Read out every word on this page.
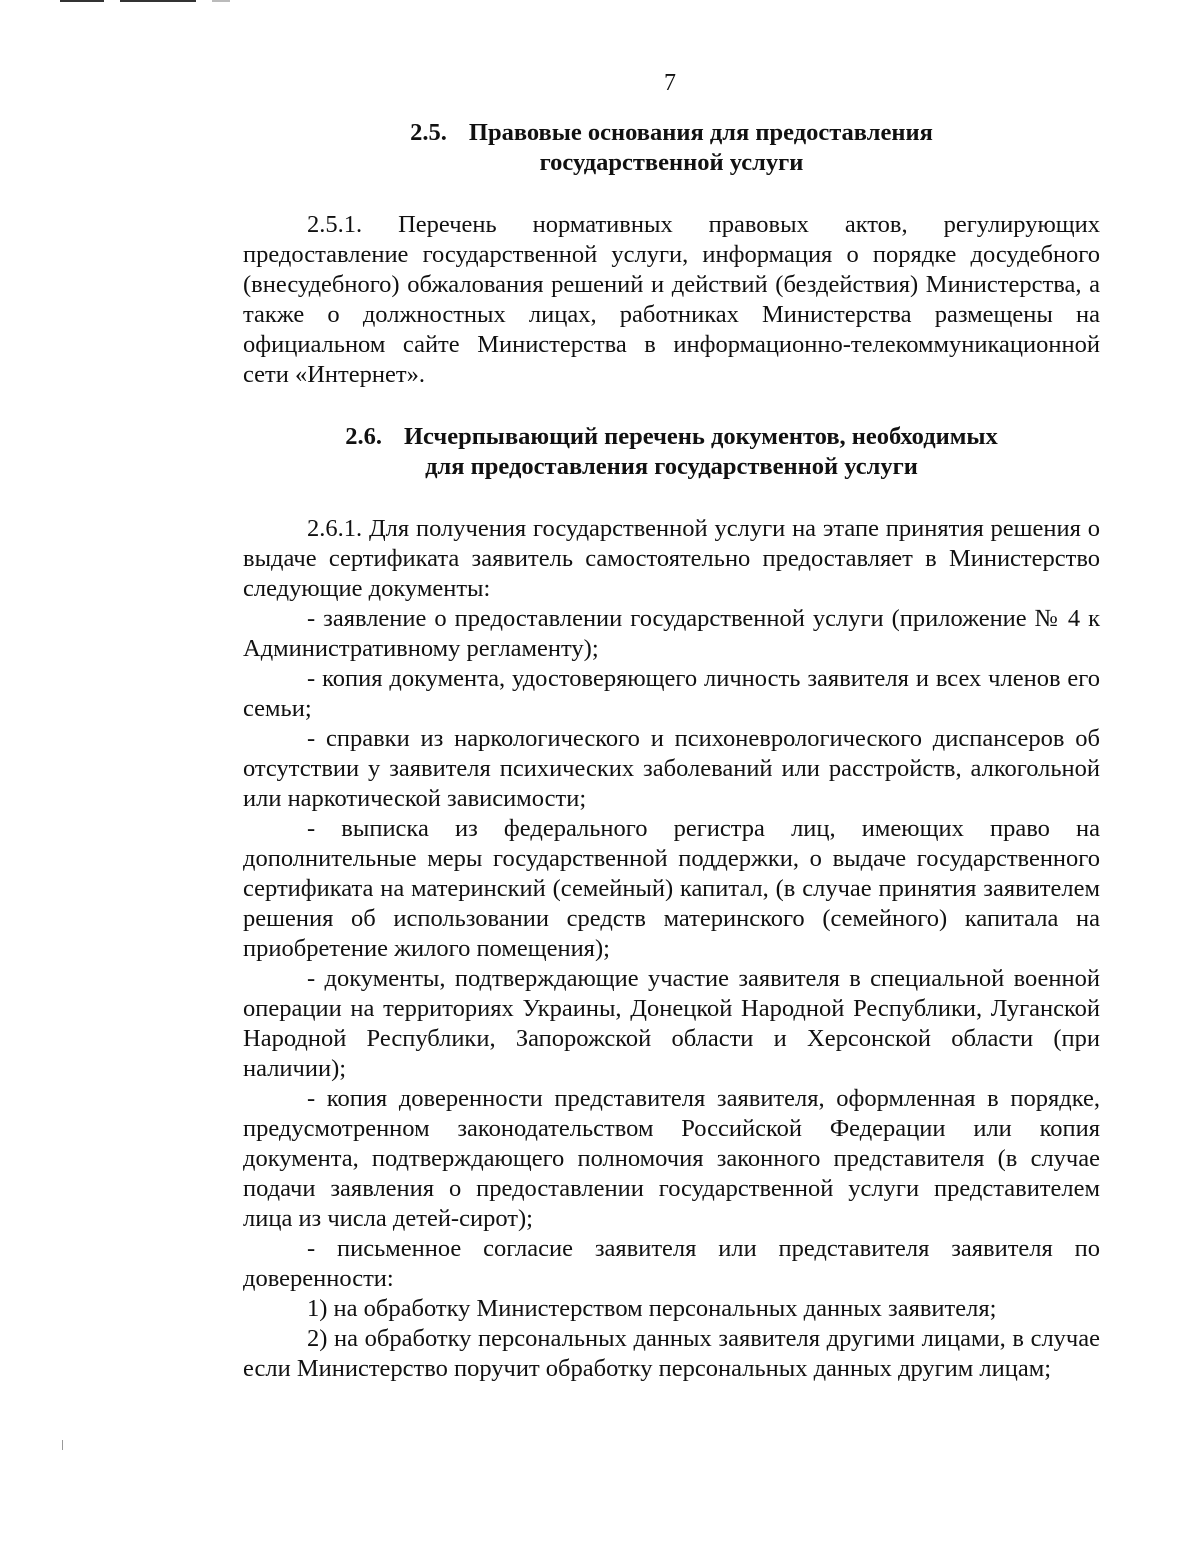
7
2.5. Правовые основания для предоставления
государственной услуги

2.5.1. Перечень нормативных правовых актов, регулирующих предоставление государственной услуги, информация о порядке досудебного (внесудебного) обжалования решений и действий (бездействия) Министерства, а также о должностных лицах, работниках Министерства размещены на официальном сайте Министерства в информационно-телекоммуникационной сети «Интернет».

2.6. Исчерпывающий перечень документов, необходимых
для предоставления государственной услуги

2.6.1. Для получения государственной услуги на этапе принятия решения о выдаче сертификата заявитель самостоятельно предоставляет в Министерство следующие документы:

- заявление о предоставлении государственной услуги (приложение № 4 к Административному регламенту);

- копия документа, удостоверяющего личность заявителя и всех членов его семьи;

- справки из наркологического и психоневрологического диспансеров об отсутствии у заявителя психических заболеваний или расстройств, алкогольной или наркотической зависимости;

- выписка из федерального регистра лиц, имеющих право на дополнительные меры государственной поддержки, о выдаче государственного сертификата на материнский (семейный) капитал, (в случае принятия заявителем решения об использовании средств материнского (семейного) капитала на приобретение жилого помещения);

- документы, подтверждающие участие заявителя в специальной военной операции на территориях Украины, Донецкой Народной Республики, Луганской Народной Республики, Запорожской области и Херсонской области (при наличии);

- копия доверенности представителя заявителя, оформленная в порядке, предусмотренном законодательством Российской Федерации или копия документа, подтверждающего полномочия законного представителя (в случае подачи заявления о предоставлении государственной услуги представителем лица из числа детей-сирот);

- письменное согласие заявителя или представителя заявителя по доверенности:

1) на обработку Министерством персональных данных заявителя;

2) на обработку персональных данных заявителя другими лицами, в случае если Министерство поручит обработку персональных данных другим лицам;
